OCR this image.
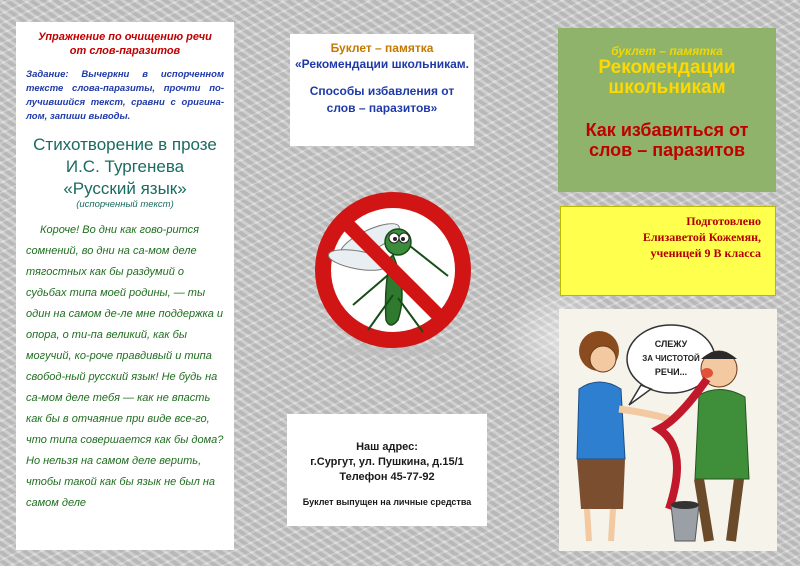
Упражнение по очищению речи
от слов-паразитов
Задание: Вычеркни в испорченном тексте слова-паразиты, прочти по-лучившийся текст, сравни с оригина-лом, запиши выводы.
Стихотворение в прозе
И.С. Тургенева
«Русский язык»
(испорченный текст)
Короче! Во дни как гово-рится сомнений, во дни на са-мом деле тягостных как бы раздумий о судьбах типа моей родины, — ты один на самом де-ле мне поддержка и опора, о ти-па великий, как бы могучий, ко-роче правдивый и типа свобод-ный русский язык! Не будь на са-мом деле тебя — как не впасть как бы в отчаяние при виде все-го, что типа совершается как бы дома? Но нельзя на самом деле верить, чтобы такой как бы язык не был на самом деле
Буклет – памятка
«Рекомендации школьникам.
Способы избавления от слов – паразитов»
Наш адрес:
г.Сургут, ул. Пушкина, д.15/1
Телефон 45-77-92
Буклет выпущен на личные средства
буклет – памятка
Рекомендации
школьникам
Как избавиться от
слов – паразитов
Подготовлено
Елизаветой Кожемян,
ученицей 9 В класса
СЛЕЖУ
ЗА ЧИСТОТОЙ
РЕЧИ...
